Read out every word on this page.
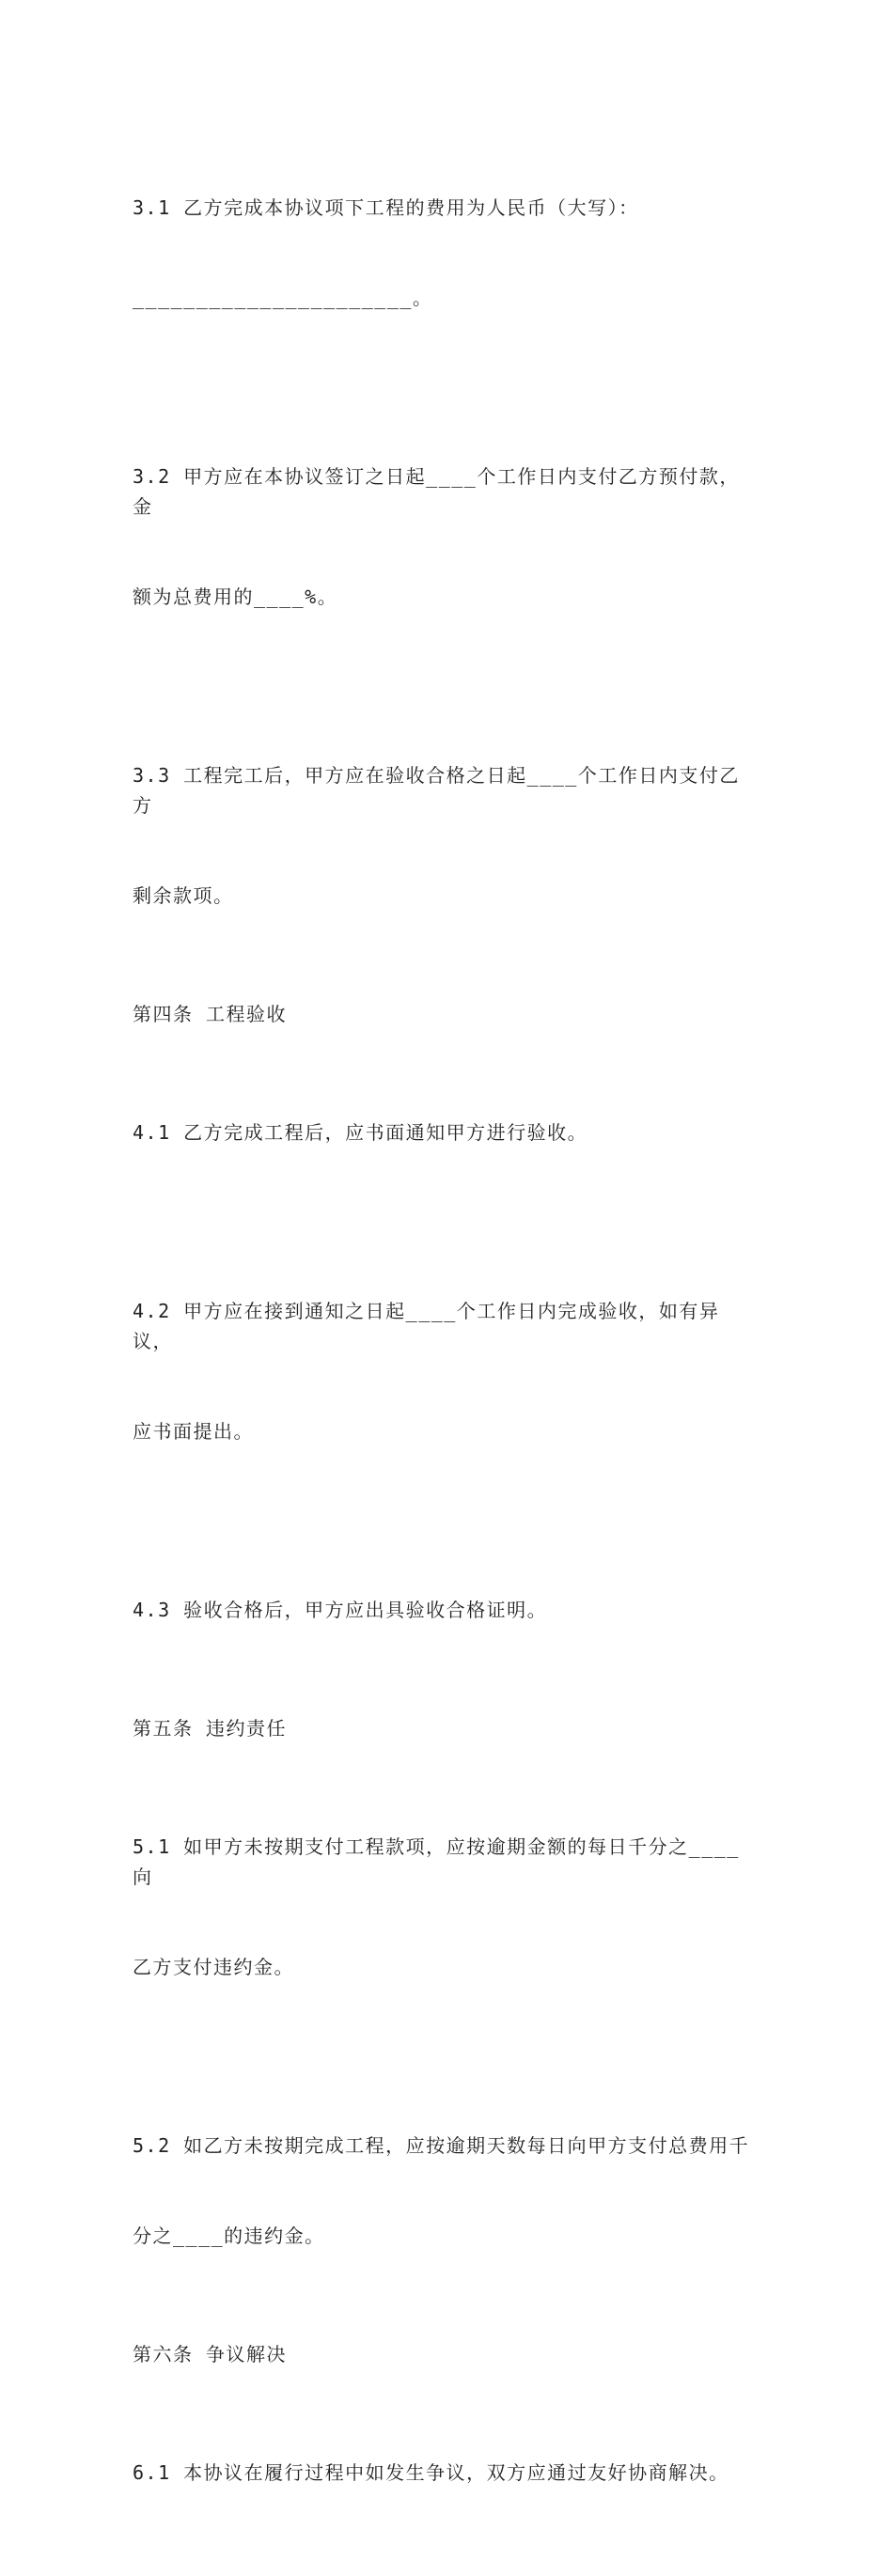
3.1 乙方完成本协议项下工程的费用为人民币（大写）：

______________________。

3.2 甲方应在本协议签订之日起____个工作日内支付乙方预付款，金

额为总费用的____%。

3.3 工程完工后，甲方应在验收合格之日起____个工作日内支付乙方

剩余款项。

第四条 工程验收

4.1 乙方完成工程后，应书面通知甲方进行验收。

4.2 甲方应在接到通知之日起____个工作日内完成验收，如有异议，

应书面提出。

4.3 验收合格后，甲方应出具验收合格证明。

第五条 违约责任

5.1 如甲方未按期支付工程款项，应按逾期金额的每日千分之____向

乙方支付违约金。

5.2 如乙方未按期完成工程，应按逾期天数每日向甲方支付总费用千

分之____的违约金。

第六条 争议解决

6.1 本协议在履行过程中如发生争议，双方应通过友好协商解决。
